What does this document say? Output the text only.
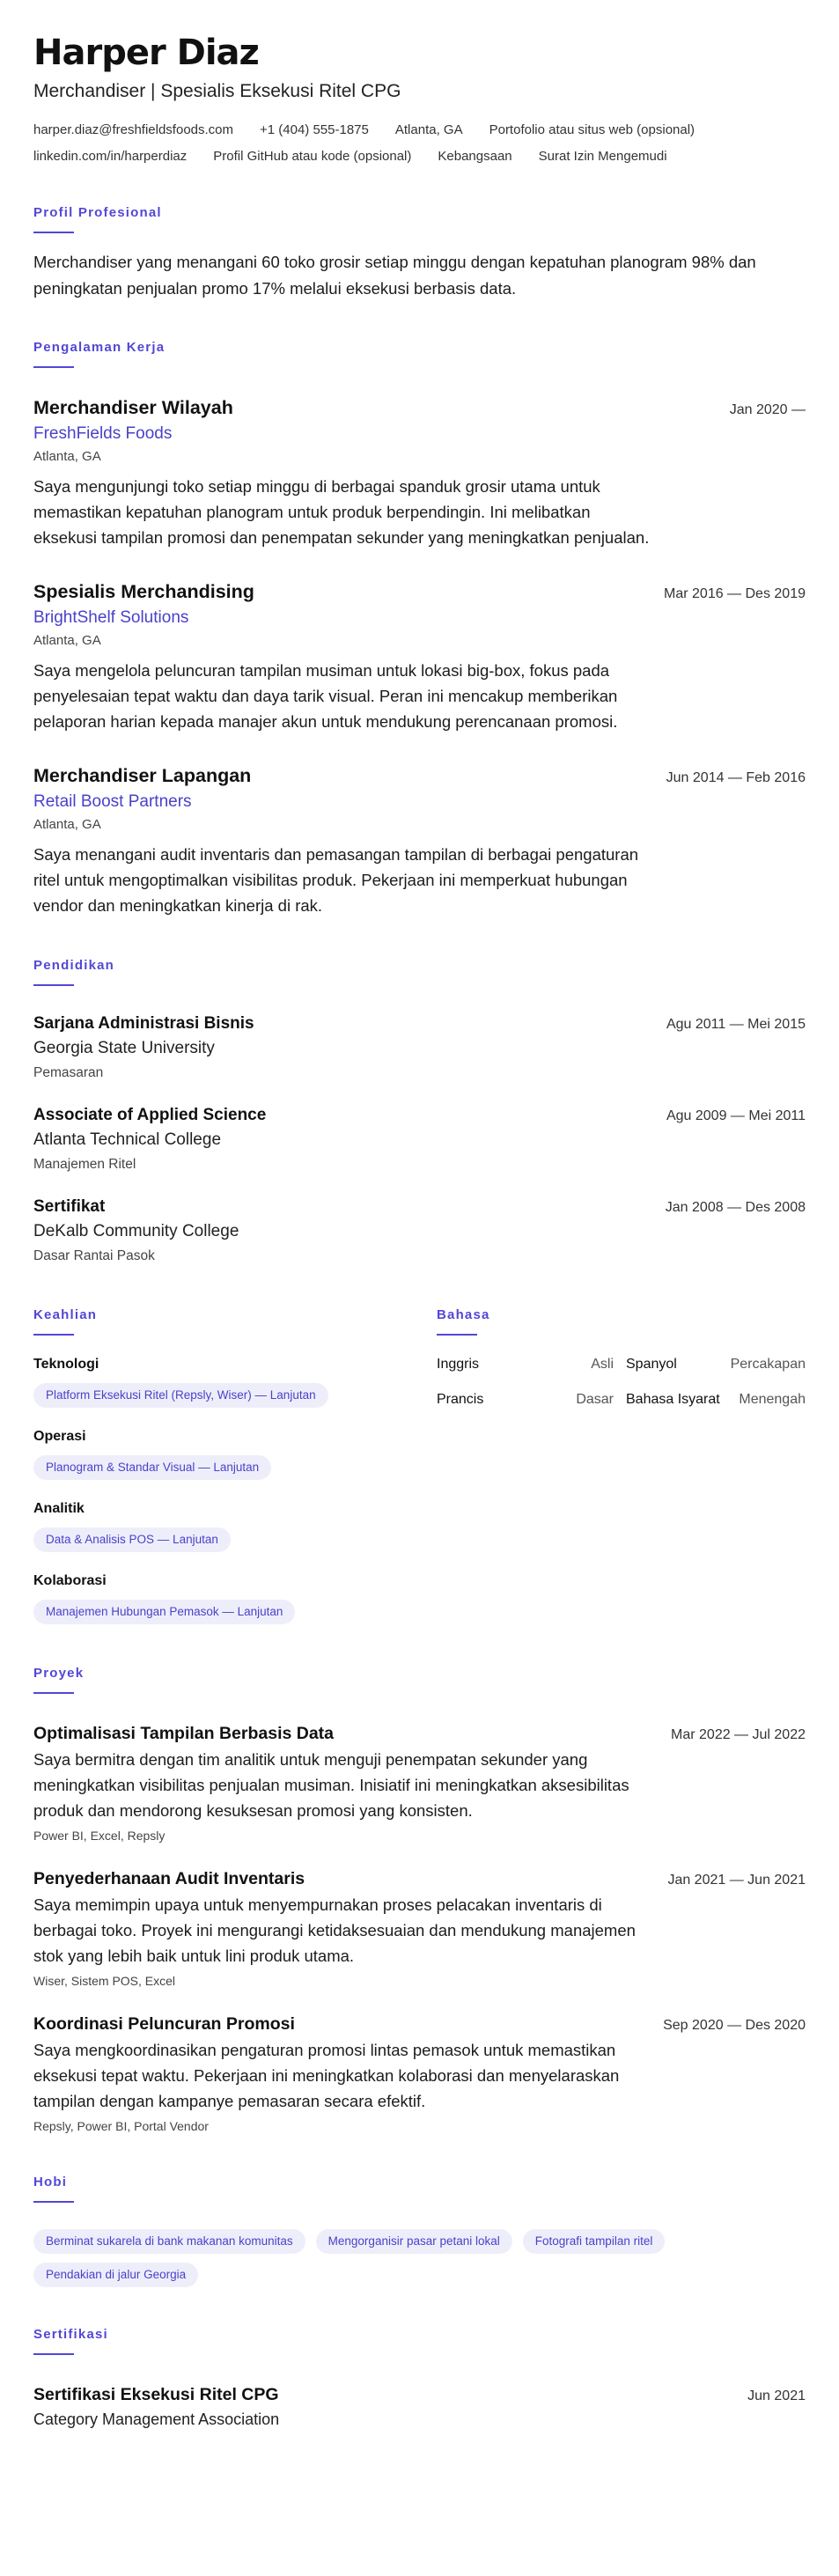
Harper Diaz
Merchandiser | Spesialis Eksekusi Ritel CPG
harper.diaz@freshfieldsfoods.com +1 (404) 555-1875 Atlanta, GA Portofolio atau situs web (opsional)
linkedin.com/in/harperdiaz Profil GitHub atau kode (opsional) Kebangsaan Surat Izin Mengemudi
Profil Profesional
Merchandiser yang menangani 60 toko grosir setiap minggu dengan kepatuhan planogram 98% dan peningkatan penjualan promo 17% melalui eksekusi berbasis data.
Pengalaman Kerja
Merchandiser Wilayah	Jan 2020 —
FreshFields Foods
Atlanta, GA
Saya mengunjungi toko setiap minggu di berbagai spanduk grosir utama untuk memastikan kepatuhan planogram untuk produk berpendingin. Ini melibatkan eksekusi tampilan promosi dan penempatan sekunder yang meningkatkan penjualan.
Spesialis Merchandising	Mar 2016 — Des 2019
BrightShelf Solutions
Atlanta, GA
Saya mengelola peluncuran tampilan musiman untuk lokasi big-box, fokus pada penyelesaian tepat waktu dan daya tarik visual. Peran ini mencakup memberikan pelaporan harian kepada manajer akun untuk mendukung perencanaan promosi.
Merchandiser Lapangan	Jun 2014 — Feb 2016
Retail Boost Partners
Atlanta, GA
Saya menangani audit inventaris dan pemasangan tampilan di berbagai pengaturan ritel untuk mengoptimalkan visibilitas produk. Pekerjaan ini memperkuat hubungan vendor dan meningkatkan kinerja di rak.
Pendidikan
Sarjana Administrasi Bisnis	Agu 2011 — Mei 2015
Georgia State University
Pemasaran
Associate of Applied Science	Agu 2009 — Mei 2011
Atlanta Technical College
Manajemen Ritel
Sertifikat	Jan 2008 — Des 2008
DeKalb Community College
Dasar Rantai Pasok
Keahlian
Teknologi
Platform Eksekusi Ritel (Repsly, Wiser) — Lanjutan
Operasi
Planogram & Standar Visual — Lanjutan
Analitik
Data & Analisis POS — Lanjutan
Kolaborasi
Manajemen Hubungan Pemasok — Lanjutan
Bahasa
Inggris	Asli Spanyol	Percakapan
Prancis	Dasar Bahasa Isyarat	Menengah
Proyek
Optimalisasi Tampilan Berbasis Data	Mar 2022 — Jul 2022
Saya bermitra dengan tim analitik untuk menguji penempatan sekunder yang meningkatkan visibilitas penjualan musiman. Inisiatif ini meningkatkan aksesibilitas produk dan mendorong kesuksesan promosi yang konsisten.
Power BI, Excel, Repsly
Penyederhanaan Audit Inventaris	Jan 2021 — Jun 2021
Saya memimpin upaya untuk menyempurnakan proses pelacakan inventaris di berbagai toko. Proyek ini mengurangi ketidaksesuaian dan mendukung manajemen stok yang lebih baik untuk lini produk utama.
Wiser, Sistem POS, Excel
Koordinasi Peluncuran Promosi	Sep 2020 — Des 2020
Saya mengkoordinasikan pengaturan promosi lintas pemasok untuk memastikan eksekusi tepat waktu. Pekerjaan ini meningkatkan kolaborasi dan menyelaraskan tampilan dengan kampanye pemasaran secara efektif.
Repsly, Power BI, Portal Vendor
Hobi
Berminat sukarela di bank makanan komunitas	Mengorganisir pasar petani lokal	Fotografi tampilan ritel
Pendakian di jalur Georgia
Sertifikasi
Sertifikasi Eksekusi Ritel CPG	Jun 2021
Category Management Association
